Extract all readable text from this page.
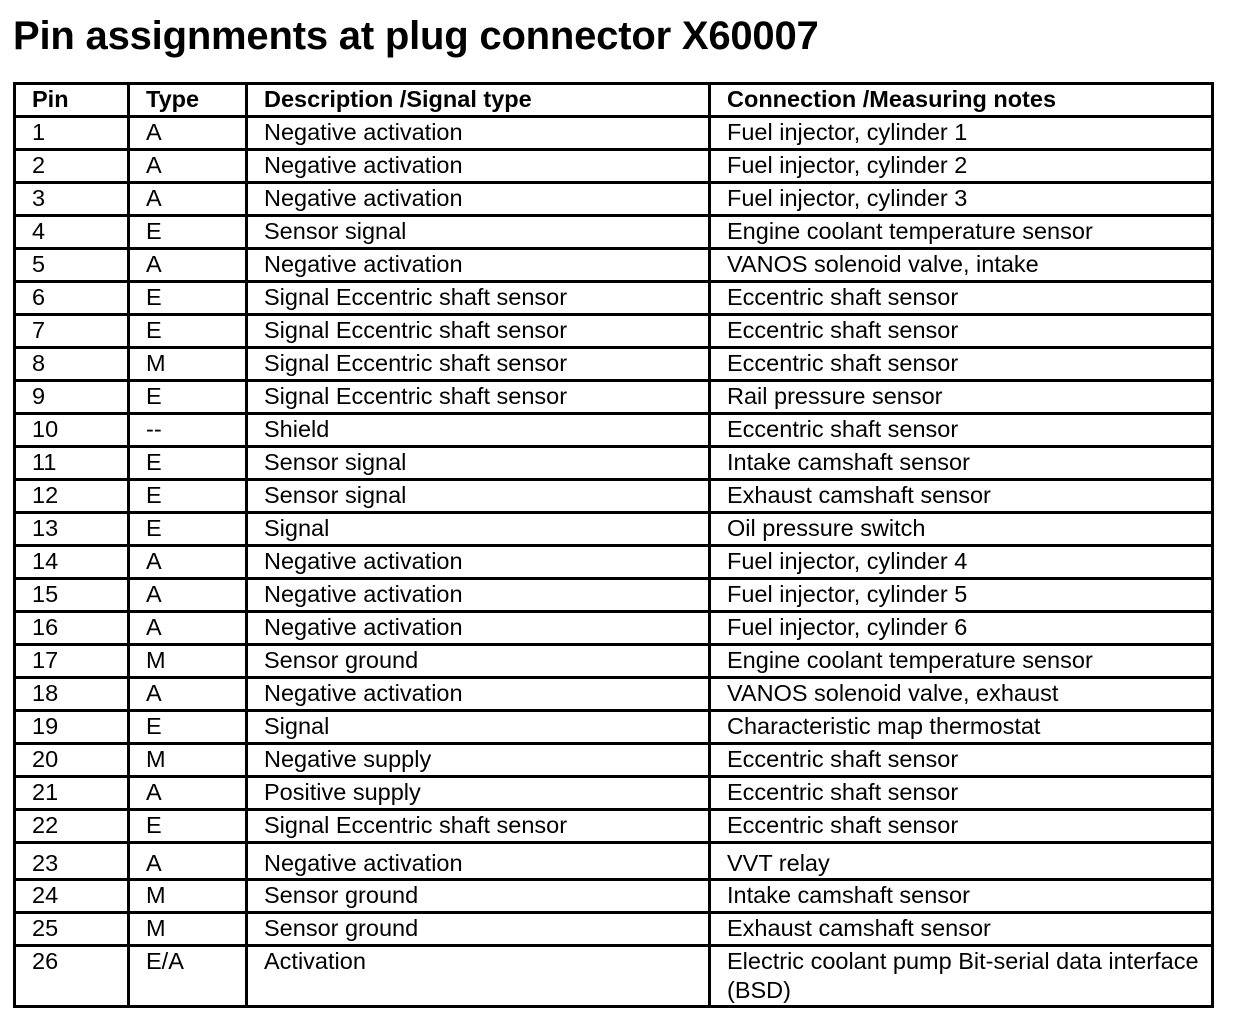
Pin assignments at plug connector X60007
Pin	Type	Description /Signal type	Connection /Measuring notes
1	A	Negative activation	Fuel injector, cylinder 1
2	A	Negative activation	Fuel injector, cylinder 2
3	A	Negative activation	Fuel injector, cylinder 3
4	E	Sensor signal	Engine coolant temperature sensor
5	A	Negative activation	VANOS solenoid valve, intake
6	E	Signal Eccentric shaft sensor	Eccentric shaft sensor
7	E	Signal Eccentric shaft sensor	Eccentric shaft sensor
8	M	Signal Eccentric shaft sensor	Eccentric shaft sensor
9	E	Signal Eccentric shaft sensor	Rail pressure sensor
10	--	Shield	Eccentric shaft sensor
11	E	Sensor signal	Intake camshaft sensor
12	E	Sensor signal	Exhaust camshaft sensor
13	E	Signal	Oil pressure switch
14	A	Negative activation	Fuel injector, cylinder 4
15	A	Negative activation	Fuel injector, cylinder 5
16	A	Negative activation	Fuel injector, cylinder 6
17	M	Sensor ground	Engine coolant temperature sensor
18	A	Negative activation	VANOS solenoid valve, exhaust
19	E	Signal	Characteristic map thermostat
20	M	Negative supply	Eccentric shaft sensor
21	A	Positive supply	Eccentric shaft sensor
22	E	Signal Eccentric shaft sensor	Eccentric shaft sensor
23	A	Negative activation	VVT relay
24	M	Sensor ground	Intake camshaft sensor
25	M	Sensor ground	Exhaust camshaft sensor
26	E/A	Activation	Electric coolant pump Bit-serial data interface (BSD)
